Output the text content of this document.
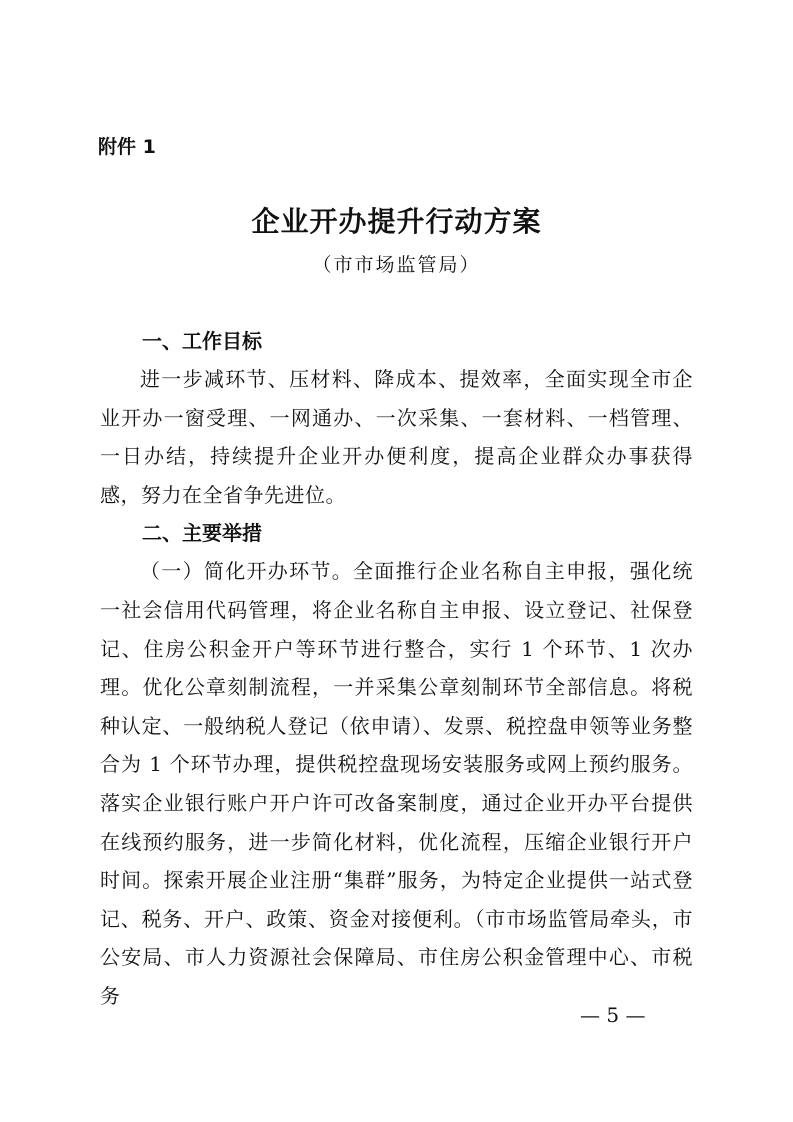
附件 1

企业开办提升行动方案

（市市场监管局）

一、工作目标

进一步减环节、压材料、降成本、提效率，全面实现全市企业开办一窗受理、一网通办、一次采集、一套材料、一档管理、一日办结，持续提升企业开办便利度，提高企业群众办事获得感，努力在全省争先进位。

二、主要举措

（一）简化开办环节。全面推行企业名称自主申报，强化统一社会信用代码管理，将企业名称自主申报、设立登记、社保登记、住房公积金开户等环节进行整合，实行 1 个环节、1 次办理。优化公章刻制流程，一并采集公章刻制环节全部信息。将税种认定、一般纳税人登记（依申请）、发票、税控盘申领等业务整合为 1 个环节办理，提供税控盘现场安装服务或网上预约服务。落实企业银行账户开户许可改备案制度，通过企业开办平台提供在线预约服务，进一步简化材料，优化流程，压缩企业银行开户时间。探索开展企业注册“集群”服务，为特定企业提供一站式登记、税务、开户、政策、资金对接便利。（市市场监管局牵头，市公安局、市人力资源社会保障局、市住房公积金管理中心、市税务

— 5 —
